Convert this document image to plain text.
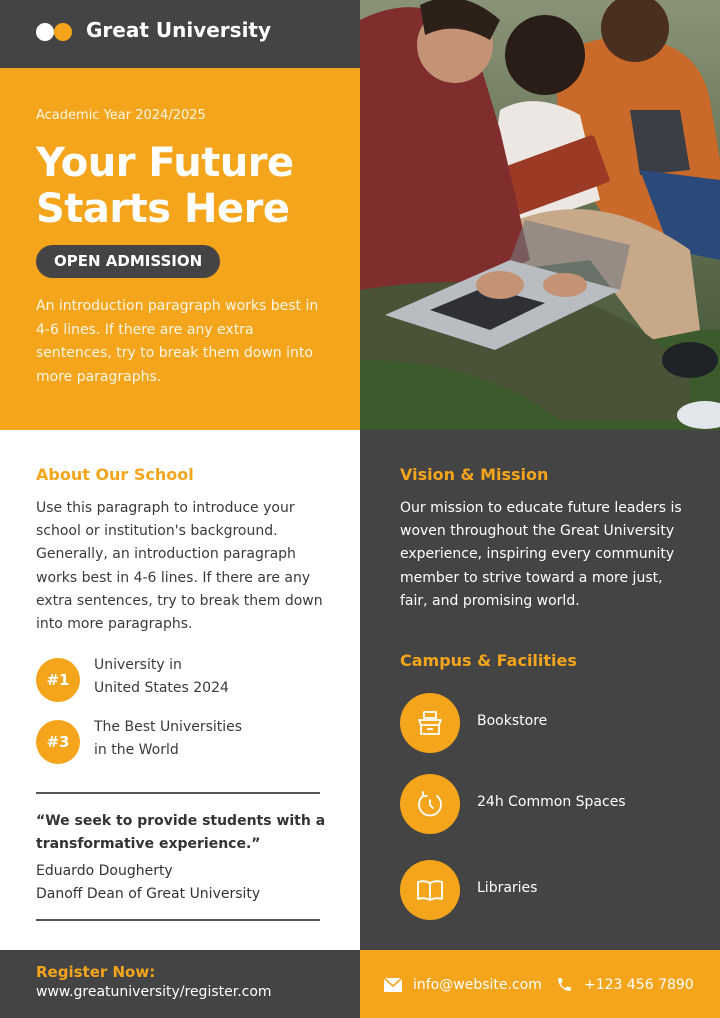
Great University
Academic Year 2024/2025
Your Future
Starts Here
OPEN ADMISSION
An introduction paragraph works best in 4-6 lines. If there are any extra sentences, try to break them down into more paragraphs.
About Our School
Use this paragraph to introduce your school or institution's background. Generally, an introduction paragraph works best in 4-6 lines. If there are any extra sentences, try to break them down into more paragraphs.
#1
University in
United States 2024
#3
The Best Universities
in the World
“We seek to provide students with a transformative experience.”
Eduardo Dougherty
Danoff Dean of Great University
Vision & Mission
Our mission to educate future leaders is woven throughout the Great University experience, inspiring every community member to strive toward a more just, fair, and promising world.
Campus & Facilities
Bookstore
24h Common Spaces
Libraries
Register Now:
www.greatuniversity/register.com	info@website.com	+123 456 7890
